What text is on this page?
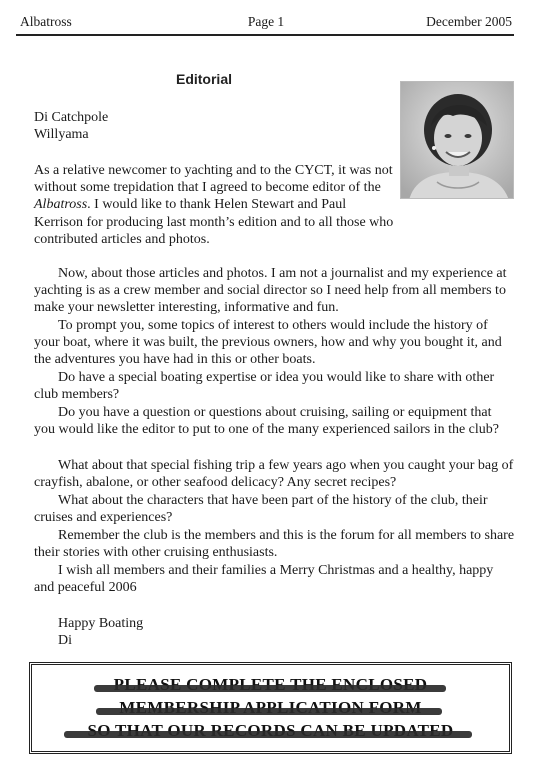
Albatross	Page 1	December 2005
Editorial
Di Catchpole
Willyama

As a relative newcomer to yachting and to the CYCT, it was not without some trepidation that I agreed to become editor of the Albatross. I would like to thank Helen Stewart and Paul Kerrison for producing last month’s edition and to all those who contributed articles and photos.

Now, about those articles and photos. I am not a journalist and my experience at yachting is as a crew member and social director so I need help from all members to make your newsletter interesting, informative and fun.

To prompt you, some topics of interest to others would include the history of your boat, where it was built, the previous owners, how and why you bought it, and the adventures you have had in this or other boats.

Do have a special boating expertise or idea you would like to share with other club members?

Do you have a question or questions about cruising, sailing or equipment that you would like the editor to put to one of the many experienced sailors in the club?

What about that special fishing trip a few years ago when you caught your bag of crayfish, abalone, or other seafood delicacy? Any secret recipes?

What about the characters that have been part of the history of the club, their cruises and experiences?

Remember the club is the members and this is the forum for all members to share their stories with other cruising enthusiasts.

I wish all members and their families a Merry Christmas and a healthy, happy and peaceful 2006

Happy Boating
Di
